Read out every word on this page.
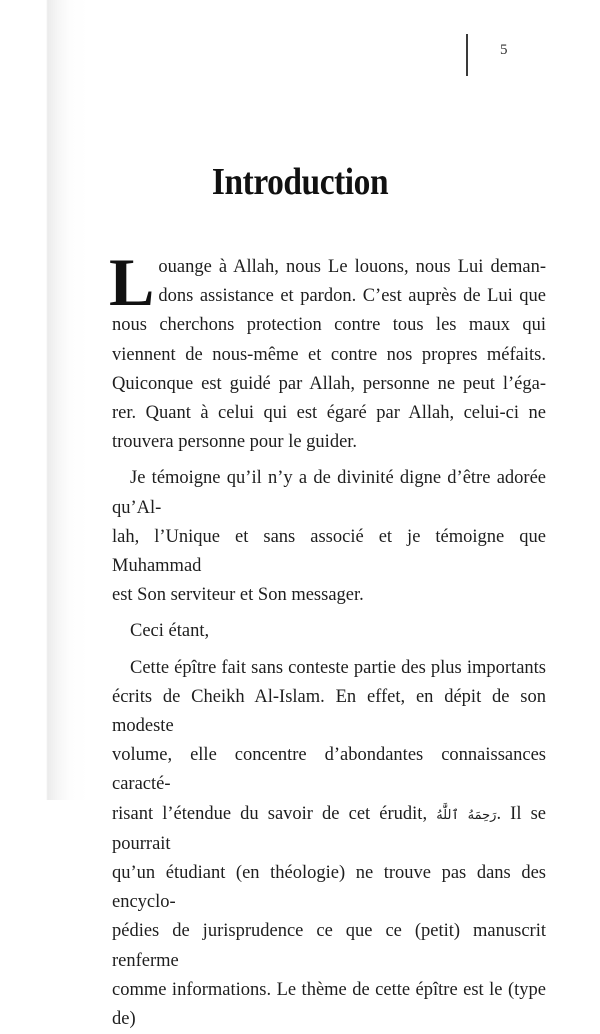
5
Introduction

L ouange à Allah, nous Le louons, nous Lui deman-
dons assistance et pardon. C’est auprès de Lui que
nous cherchons protection contre tous les maux qui
viennent de nous-même et contre nos propres méfaits.
Quiconque est guidé par Allah, personne ne peut l’éga-
rer. Quant à celui qui est égaré par Allah, celui-ci ne
trouvera personne pour le guider.

Je témoigne qu’il n’y a de divinité digne d’être adorée qu’Al-
lah, l’Unique et sans associé et je témoigne que Muhammad
est Son serviteur et Son messager.

Ceci étant,

Cette épître fait sans conteste partie des plus importants
écrits de Cheikh Al-Islam. En effet, en dépit de son modeste
volume, elle concentre d’abondantes connaissances caracté-
risant l’étendue du savoir de cet érudit, رَحِمَهُ ٱللَّٰهُ. Il se pourrait
qu’un étudiant (en théologie) ne trouve pas dans des encyclo-
pédies de jurisprudence ce que ce (petit) manuscrit renferme
comme informations. Le thème de cette épître est le (type de)
